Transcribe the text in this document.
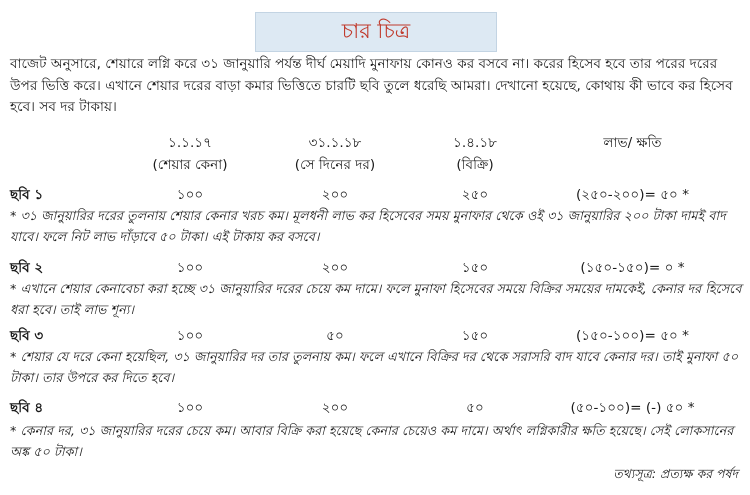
চার চিত্র

বাজেট অনুসারে, শেয়ারে লগ্নি করে ৩১ জানুয়ারি পর্যন্ত দীর্ঘ মেয়াদি মুনাফায় কোনও কর বসবে না। করের হিসেব হবে তার পরের দরের উপর ভিত্তি করে। এখানে শেয়ার দরের বাড়া কমার ভিত্তিতে চারটি ছবি তুলে ধরেছি আমরা। দেখানো হয়েছে, কোথায় কী ভাবে কর হিসেব হবে। সব দর টাকায়।

১.১.১৭	৩১.১.১৮	১.৪.১৮	লাভ/ ক্ষতি
(শেয়ার কেনা)	(সে দিনের দর)	(বিক্রি)
ছবি ১	১০০	২০০	২৫০	(২৫০-২০০)= ৫০ *

* ৩১ জানুয়ারির দরের তুলনায় শেয়ার কেনার খরচ কম। মূলধনী লাভ কর হিসেবের সময় মুনাফার থেকে ওই ৩১ জানুয়ারির ২০০ টাকা দামই বাদ যাবে। ফলে নিট লাভ দাঁড়াবে ৫০ টাকা। এই টাকায় কর বসবে।

ছবি ২	১০০	২০০	১৫০	(১৫০-১৫০)= ০ *

* এখানে শেয়ার কেনাবেচা করা হচ্ছে ৩১ জানুয়ারির দরের চেয়ে কম দামে। ফলে মুনাফা হিসেবের সময়ে বিক্রির সময়ের দামকেই, কেনার দর হিসেবে ধরা হবে। তাই লাভ শূন্য।

ছবি ৩	১০০	৫০	১৫০	(১৫০-১০০)= ৫০ *

* শেয়ার যে দরে কেনা হয়েছিল, ৩১ জানুয়ারির দর তার তুলনায় কম। ফলে এখানে বিক্রির দর থেকে সরাসরি বাদ যাবে কেনার দর। তাই মুনাফা ৫০ টাকা। তার উপরে কর দিতে হবে।

ছবি ৪	১০০	২০০	৫০	(৫০-১০০)= (-) ৫০ *

* কেনার দর, ৩১ জানুয়ারির দরের চেয়ে কম। আবার বিক্রি করা হয়েছে কেনার চেয়েও কম দামে। অর্থাৎ লগ্নিকারীর ক্ষতি হয়েছে। সেই লোকসানের অঙ্ক ৫০ টাকা।

তথ্যসূত্র: প্রত্যক্ষ কর পর্ষদ
